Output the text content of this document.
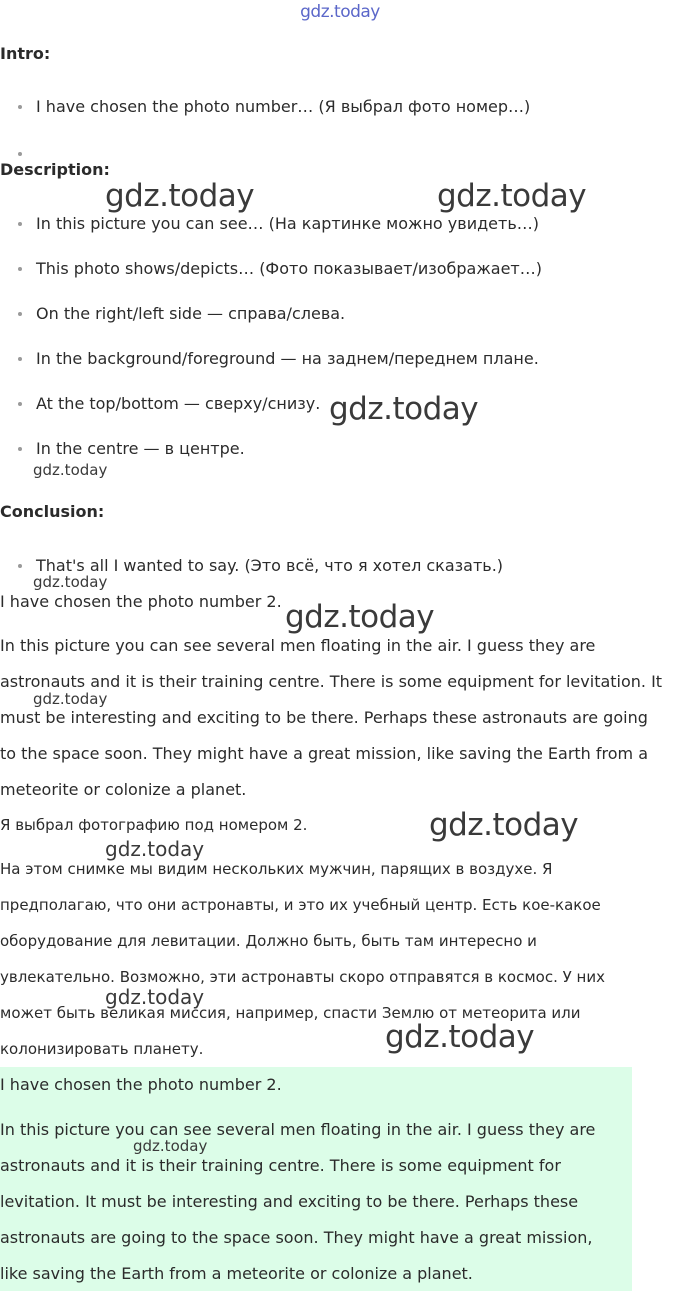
gdz.today
Intro:
I have chosen the photo number… (Я выбрал фото номер…)
Description:
In this picture you can see… (На картинке можно увидеть…)
This photo shows/depicts… (Фото показывает/изображает…)
On the right/left side — справа/слева.
In the background/foreground — на заднем/переднем плане.
At the top/bottom — сверху/снизу.
In the centre — в центре.
Conclusion:
That's all I wanted to say. (Это всё, что я хотел сказать.)
I have chosen the photo number 2.
In this picture you can see several men floating in the air. I guess they are
astronauts and it is their training centre. There is some equipment for levitation. It
must be interesting and exciting to be there. Perhaps these astronauts are going
to the space soon. They might have a great mission, like saving the Earth from a
meteorite or colonize a planet.
Я выбрал фотографию под номером 2.
На этом снимке мы видим нескольких мужчин, парящих в воздухе. Я
предполагаю, что они астронавты, и это их учебный центр. Есть кое-какое
оборудование для левитации. Должно быть, быть там интересно и
увлекательно. Возможно, эти астронавты скоро отправятся в космос. У них
может быть великая миссия, например, спасти Землю от метеорита или
колонизировать планету.
I have chosen the photo number 2.
In this picture you can see several men floating in the air. I guess they are
astronauts and it is their training centre. There is some equipment for
levitation. It must be interesting and exciting to be there. Perhaps these
astronauts are going to the space soon. They might have a great mission,
like saving the Earth from a meteorite or colonize a planet.
gdz.today	gdz.today
gdz.today
gdz.today
gdz.today
gdz.today
gdz.today
gdz.today
gdz.today
gdz.today
gdz.today
gdz.today
